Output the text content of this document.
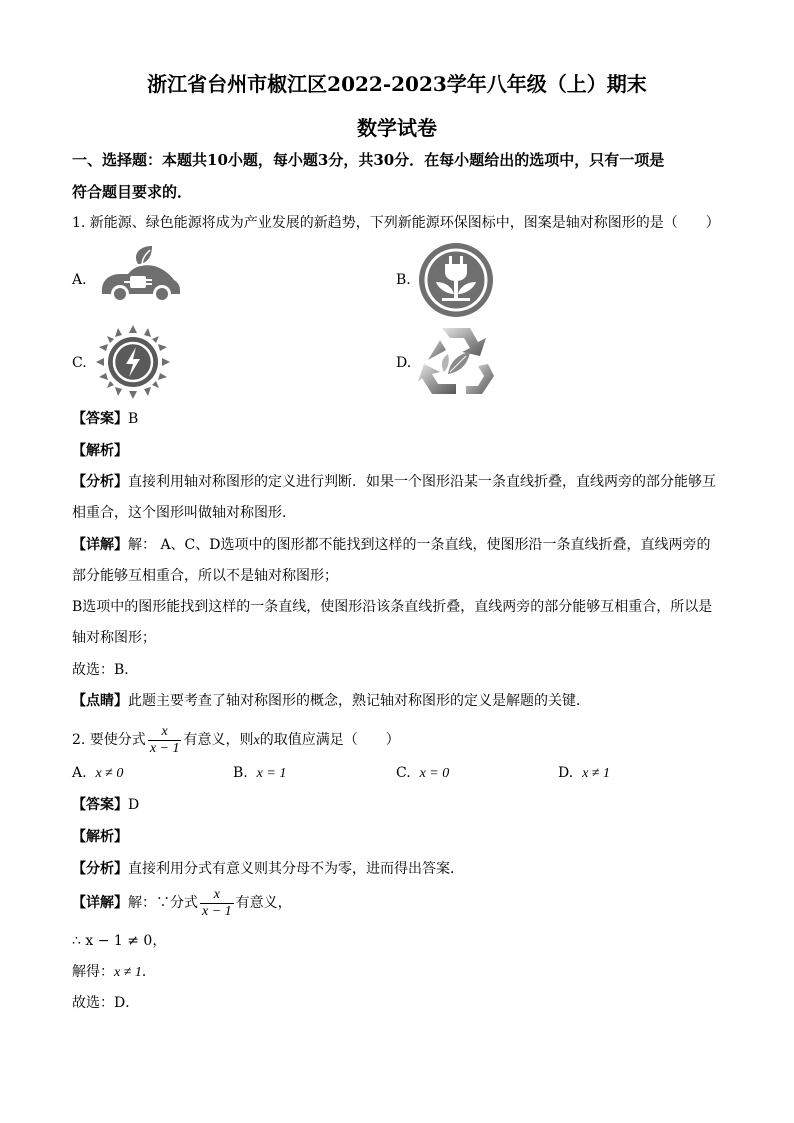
浙江省台州市椒江区2022-2023学年八年级（上）期末
数学试卷
一、选择题：本题共10小题，每小题3分，共30分．在每小题给出的选项中，只有一项是
符合题目要求的．
1. 新能源、绿色能源将成为产业发展的新趋势，下列新能源环保图标中，图案是轴对称图形的是（　　）
A.	B.
C.	D.
【答案】B
【解析】
【分析】直接利用轴对称图形的定义进行判断．如果一个图形沿某一条直线折叠，直线两旁的部分能够互
相重合，这个图形叫做轴对称图形．
【详解】解： A、C、D选项中的图形都不能找到这样的一条直线，使图形沿一条直线折叠，直线两旁的
部分能够互相重合，所以不是轴对称图形；
B选项中的图形能找到这样的一条直线，使图形沿该条直线折叠，直线两旁的部分能够互相重合，所以是
轴对称图形；
故选：B．
【点睛】此题主要考查了轴对称图形的概念，熟记轴对称图形的定义是解题的关键．
2. 要使分式 $\frac{x}{x - 1}$ 有意义，则x的取值应满足（　　）
A. x ≠ 0	B. x = 1	C. x = 0	D. x ≠ 1
【答案】D
【解析】
【分析】直接利用分式有意义则其分母不为零，进而得出答案．
【详解】解：∵分式 $\frac{x}{x - 1}$ 有意义，
∴ x − 1 ≠ 0，
解得：x ≠ 1．
故选：D．
